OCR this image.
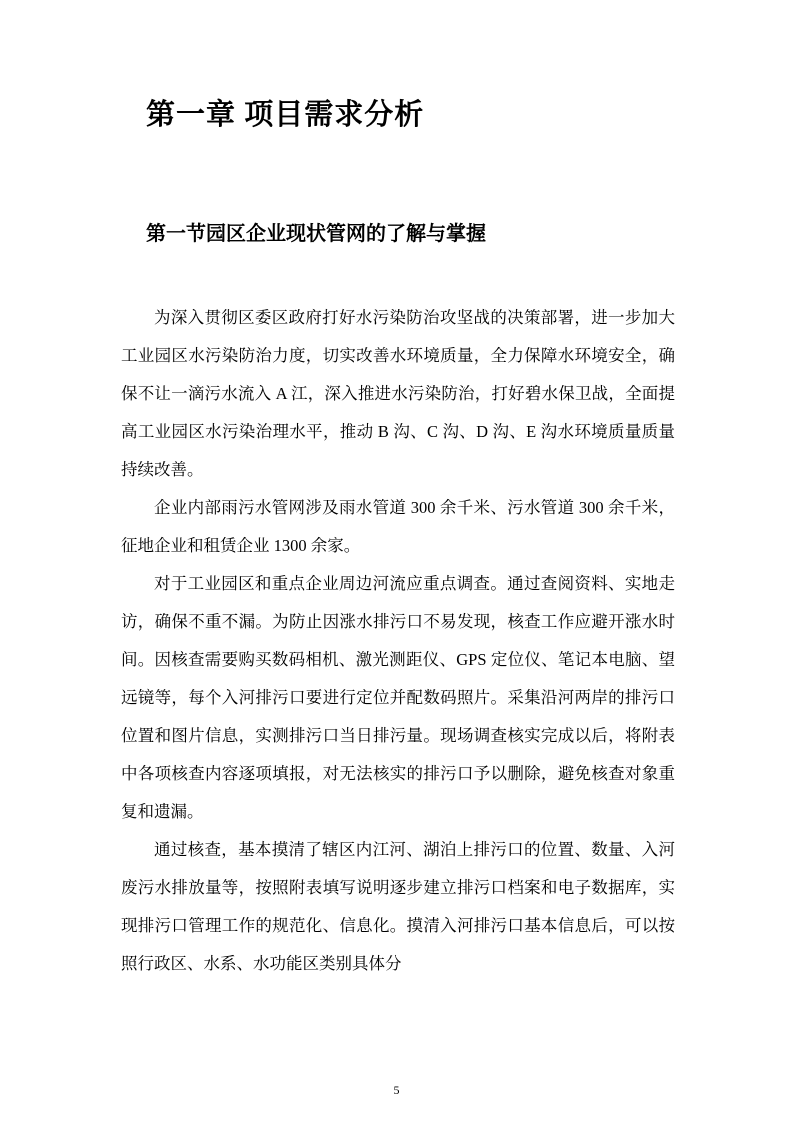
第一章 项目需求分析
第一节园区企业现状管网的了解与掌握

为深入贯彻区委区政府打好水污染防治攻坚战的决策部署，进一步加大工业园区水污染防治力度，切实改善水环境质量，全力保障水环境安全，确保不让一滴污水流入 A 江，深入推进水污染防治，打好碧水保卫战，全面提高工业园区水污染治理水平，推动 B 沟、C 沟、D 沟、E 沟水环境质量质量持续改善。

企业内部雨污水管网涉及雨水管道 300 余千米、污水管道 300 余千米，征地企业和租赁企业 1300 余家。

对于工业园区和重点企业周边河流应重点调查。通过查阅资料、实地走访，确保不重不漏。为防止因涨水排污口不易发现，核查工作应避开涨水时间。因核查需要购买数码相机、激光测距仪、GPS 定位仪、笔记本电脑、望远镜等，每个入河排污口要进行定位并配数码照片。采集沿河两岸的排污口位置和图片信息，实测排污口当日排污量。现场调查核实完成以后，将附表中各项核查内容逐项填报，对无法核实的排污口予以删除，避免核查对象重复和遗漏。

通过核查，基本摸清了辖区内江河、湖泊上排污口的位置、数量、入河废污水排放量等，按照附表填写说明逐步建立排污口档案和电子数据库，实现排污口管理工作的规范化、信息化。摸清入河排污口基本信息后，可以按照行政区、水系、水功能区类别具体分

5
